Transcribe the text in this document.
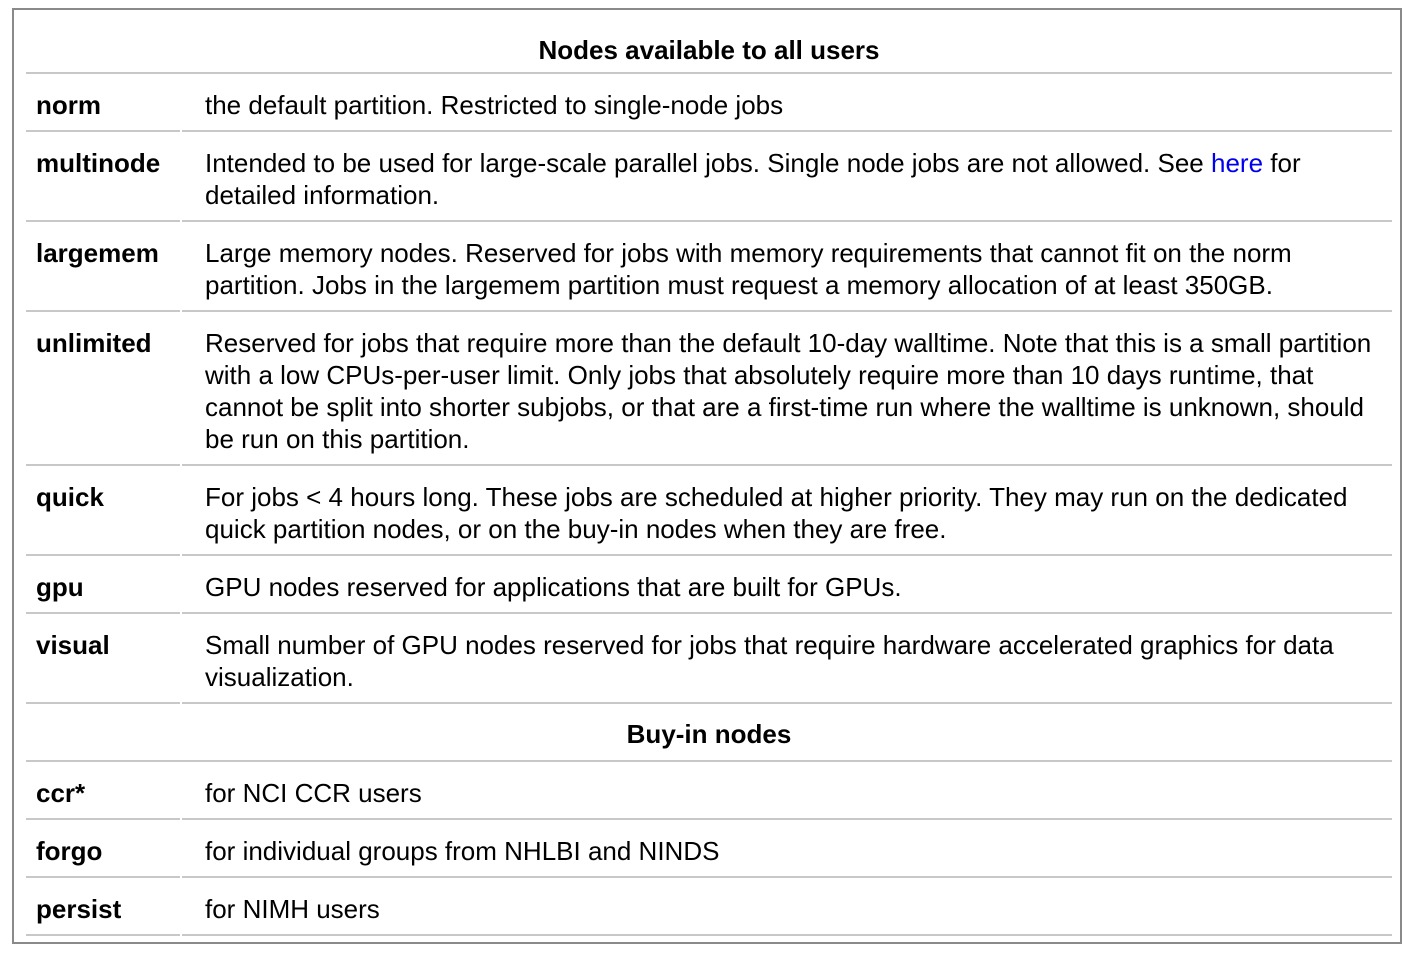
Nodes available to all users
norm	the default partition. Restricted to single-node jobs
multinode	Intended to be used for large-scale parallel jobs. Single node jobs are not allowed. See here for detailed information.
largemem	Large memory nodes. Reserved for jobs with memory requirements that cannot fit on the norm partition. Jobs in the largemem partition must request a memory allocation of at least 350GB.
unlimited	Reserved for jobs that require more than the default 10-day walltime. Note that this is a small partition with a low CPUs-per-user limit. Only jobs that absolutely require more than 10 days runtime, that cannot be split into shorter subjobs, or that are a first-time run where the walltime is unknown, should be run on this partition.
quick	For jobs < 4 hours long. These jobs are scheduled at higher priority. They may run on the dedicated quick partition nodes, or on the buy-in nodes when they are free.
gpu	GPU nodes reserved for applications that are built for GPUs.
visual	Small number of GPU nodes reserved for jobs that require hardware accelerated graphics for data visualization.
Buy-in nodes
ccr*	for NCI CCR users
forgo	for individual groups from NHLBI and NINDS
persist	for NIMH users
